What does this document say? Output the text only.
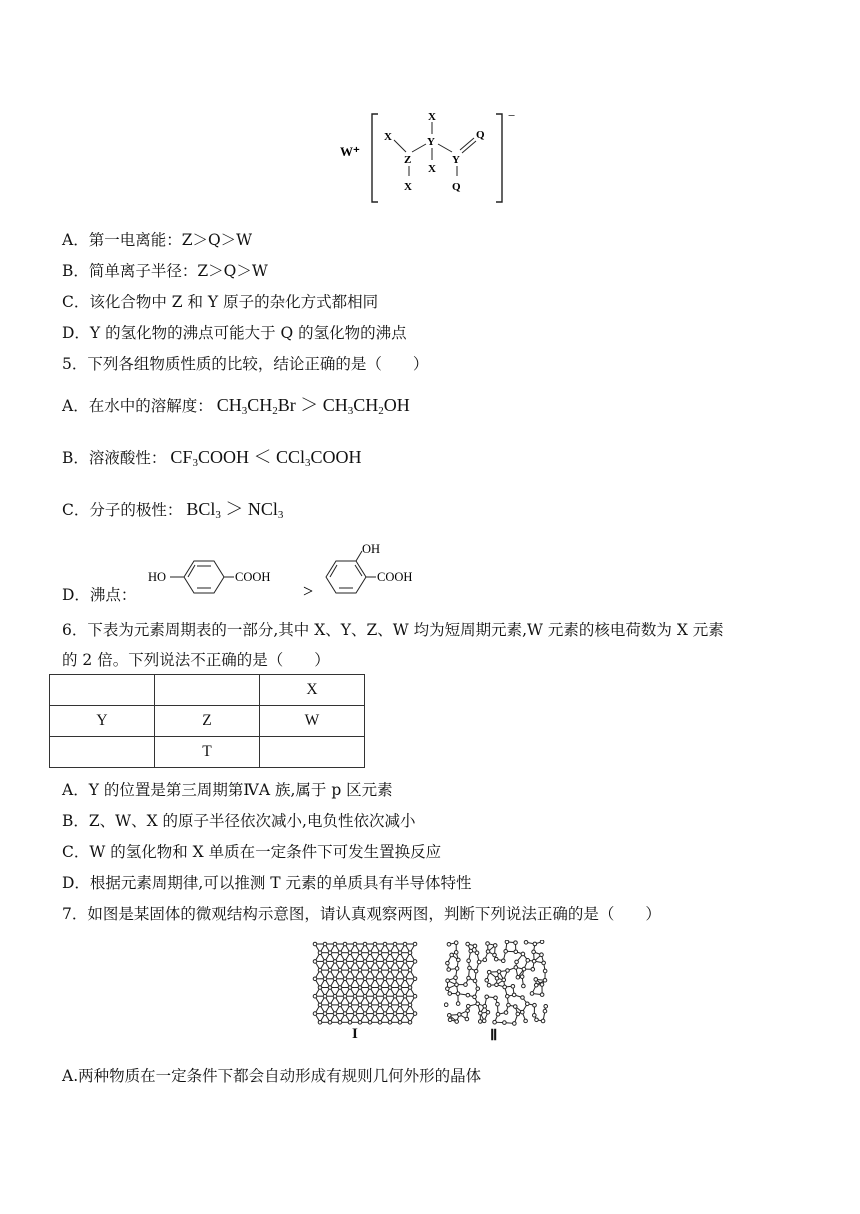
W⁺
−
X
X
Z
Y
X
X
Y
Q
Q
A．第一电离能：Z＞Q＞W
B．简单离子半径：Z＞Q＞W
C．该化合物中 Z 和 Y 原子的杂化方式都相同
D．Y 的氢化物的沸点可能大于 Q 的氢化物的沸点
5．下列各组物质性质的比较，结论正确的是（　　）
A．在水中的溶解度： $CH_3CH_2Br > CH_3CH_2OH$
B．溶液酸性： $CF_3COOH$ ＜ CCl$_3$COOH
C．分子的极性： BCl$_3$ ＞ NCl$_3$
D．沸点：
HO	COOH
>
OH
COOH
6．下表为元素周期表的一部分,其中 X、Y、Z、W 均为短周期元素,W 元素的核电荷数为 X 元素
的 2 倍。下列说法不正确的是（　　）
		X
Y	Z	W
	T	
A．Y 的位置是第三周期第ⅣA 族,属于 p 区元素
B．Z、W、X 的原子半径依次减小,电负性依次减小
C．W 的氢化物和 X 单质在一定条件下可发生置换反应
D．根据元素周期律,可以推测 T 元素的单质具有半导体特性
7．如图是某固体的微观结构示意图，请认真观察两图，判断下列说法正确的是（　　）
I	Ⅱ
A.两种物质在一定条件下都会自动形成有规则几何外形的晶体
